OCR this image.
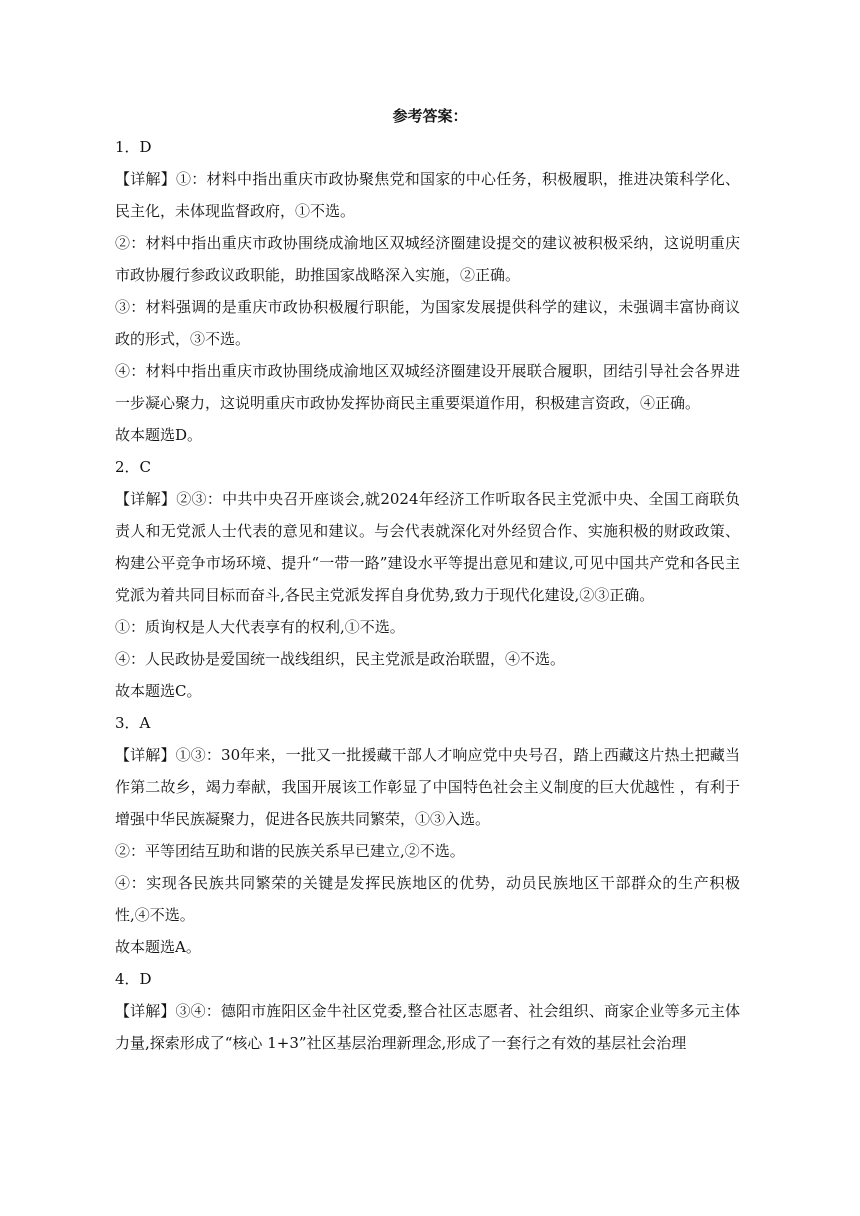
参考答案：

1．D

【详解】①：材料中指出重庆市政协聚焦党和国家的中心任务，积极履职，推进决策科学化、民主化，未体现监督政府，①不选。

②：材料中指出重庆市政协围绕成渝地区双城经济圈建设提交的建议被积极采纳，这说明重庆市政协履行参政议政职能，助推国家战略深入实施，②正确。

③：材料强调的是重庆市政协积极履行职能，为国家发展提供科学的建议，未强调丰富协商议政的形式，③不选。

④：材料中指出重庆市政协围绕成渝地区双城经济圈建设开展联合履职，团结引导社会各界进一步凝心聚力，这说明重庆市政协发挥协商民主重要渠道作用，积极建言资政，④正确。

故本题选D。

2．C

【详解】②③：中共中央召开座谈会,就2024年经济工作听取各民主党派中央、全国工商联负责人和无党派人士代表的意见和建议。与会代表就深化对外经贸合作、实施积极的财政政策、构建公平竞争市场环境、提升“一带一路”建设水平等提出意见和建议,可见中国共产党和各民主党派为着共同目标而奋斗,各民主党派发挥自身优势,致力于现代化建设,②③正确。

①：质询权是人大代表享有的权利,①不选。

④：人民政协是爱国统一战线组织，民主党派是政治联盟，④不选。

故本题选C。

3．A

【详解】①③：30年来，一批又一批援藏干部人才响应党中央号召，踏上西藏这片热土把藏当作第二故乡，竭力奉献，我国开展该工作彰显了中国特色社会主义制度的巨大优越性 ，有利于增强中华民族凝聚力，促进各民族共同繁荣，①③入选。

②：平等团结互助和谐的民族关系早已建立,②不选。

④：实现各民族共同繁荣的关键是发挥民族地区的优势，动员民族地区干部群众的生产积极性,④不选。

故本题选A。

4．D

【详解】③④：德阳市旌阳区金牛社区党委,整合社区志愿者、社会组织、商家企业等多元主体力量,探索形成了“核心 1+3”社区基层治理新理念,形成了一套行之有效的基层社会治理
